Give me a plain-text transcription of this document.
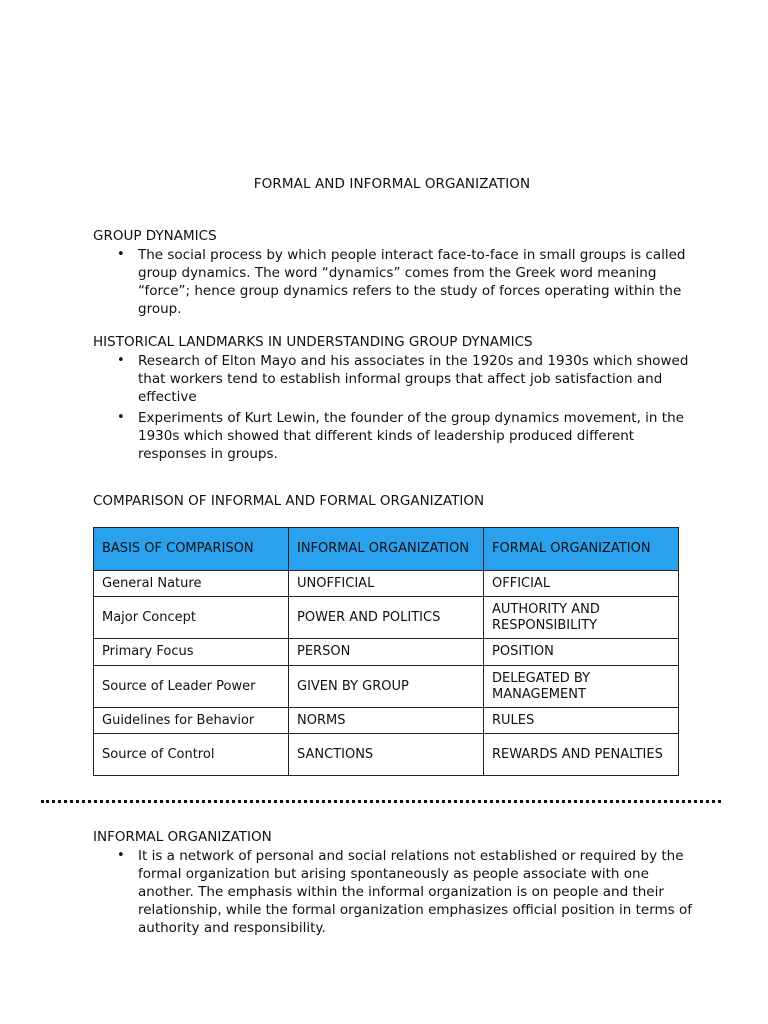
FORMAL AND INFORMAL ORGANIZATION
GROUP DYNAMICS
• The social process by which people interact face-to-face in small groups is called group dynamics. The word “dynamics” comes from the Greek word meaning “force”; hence group dynamics refers to the study of forces operating within the group.
HISTORICAL LANDMARKS IN UNDERSTANDING GROUP DYNAMICS
• Research of Elton Mayo and his associates in the 1920s and 1930s which showed that workers tend to establish informal groups that affect job satisfaction and effective
• Experiments of Kurt Lewin, the founder of the group dynamics movement, in the 1930s which showed that different kinds of leadership produced different responses in groups.
COMPARISON OF INFORMAL AND FORMAL ORGANIZATION
BASIS OF COMPARISON	INFORMAL ORGANIZATION	FORMAL ORGANIZATION
General Nature	UNOFFICIAL	OFFICIAL
Major Concept	POWER AND POLITICS	AUTHORITY AND RESPONSIBILITY
Primary Focus	PERSON	POSITION
Source of Leader Power	GIVEN BY GROUP	DELEGATED BY MANAGEMENT
Guidelines for Behavior	NORMS	RULES
Source of Control	SANCTIONS	REWARDS AND PENALTIES
INFORMAL ORGANIZATION
• It is a network of personal and social relations not established or required by the formal organization but arising spontaneously as people associate with one another. The emphasis within the informal organization is on people and their relationship, while the formal organization emphasizes official position in terms of authority and responsibility.
